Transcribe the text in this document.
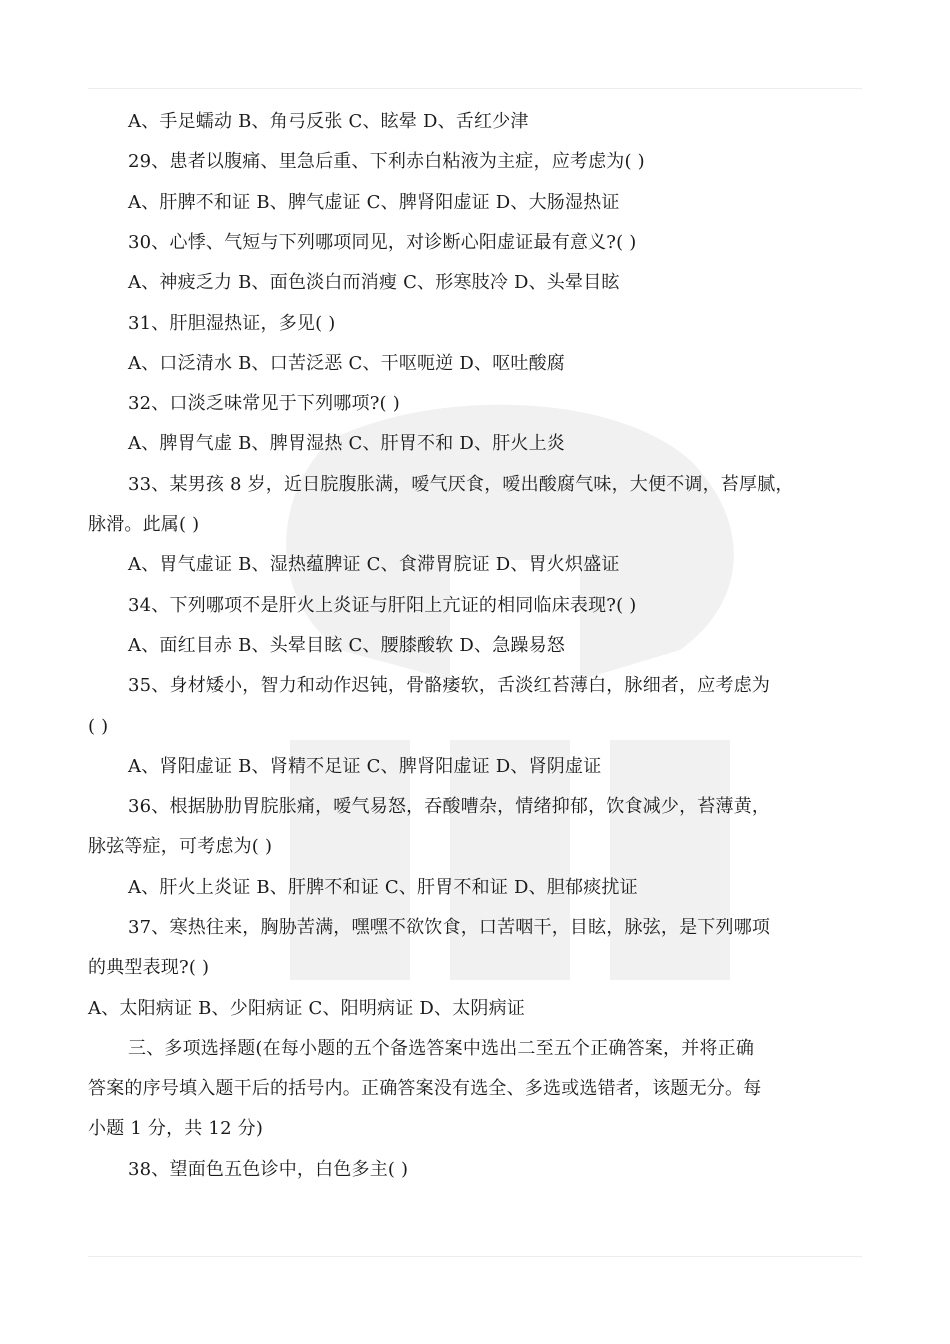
A、手足蠕动 B、角弓反张 C、眩晕 D、舌红少津
29、患者以腹痛、里急后重、下利赤白粘液为主症，应考虑为( )
A、肝脾不和证 B、脾气虚证 C、脾肾阳虚证 D、大肠湿热证
30、心悸、气短与下列哪项同见，对诊断心阳虚证最有意义?( )
A、神疲乏力 B、面色淡白而消瘦 C、形寒肢冷 D、头晕目眩
31、肝胆湿热证，多见( )
A、口泛清水 B、口苦泛恶 C、干呕呃逆 D、呕吐酸腐
32、口淡乏味常见于下列哪项?( )
A、脾胃气虚 B、脾胃湿热 C、肝胃不和 D、肝火上炎
33、某男孩 8 岁，近日脘腹胀满，嗳气厌食，嗳出酸腐气味，大便不调，苔厚腻，
脉滑。此属( )
A、胃气虚证 B、湿热蕴脾证 C、食滞胃脘证 D、胃火炽盛证
34、下列哪项不是肝火上炎证与肝阳上亢证的相同临床表现?( )
A、面红目赤 B、头晕目眩 C、腰膝酸软 D、急躁易怒
35、身材矮小，智力和动作迟钝，骨骼痿软，舌淡红苔薄白，脉细者，应考虑为
( )
A、肾阳虚证 B、肾精不足证 C、脾肾阳虚证 D、肾阴虚证
36、根据胁肋胃脘胀痛，嗳气易怒，吞酸嘈杂，情绪抑郁，饮食减少，苔薄黄，
脉弦等症，可考虑为( )
A、肝火上炎证 B、肝脾不和证 C、肝胃不和证 D、胆郁痰扰证
37、寒热往来，胸胁苦满，嘿嘿不欲饮食，口苦咽干，目眩，脉弦，是下列哪项
的典型表现?( )
A、太阳病证 B、少阳病证 C、阳明病证 D、太阴病证
三、多项选择题(在每小题的五个备选答案中选出二至五个正确答案，并将正确
答案的序号填入题干后的括号内。正确答案没有选全、多选或选错者，该题无分。每
小题 1 分，共 12 分)
38、望面色五色诊中，白色多主( )
